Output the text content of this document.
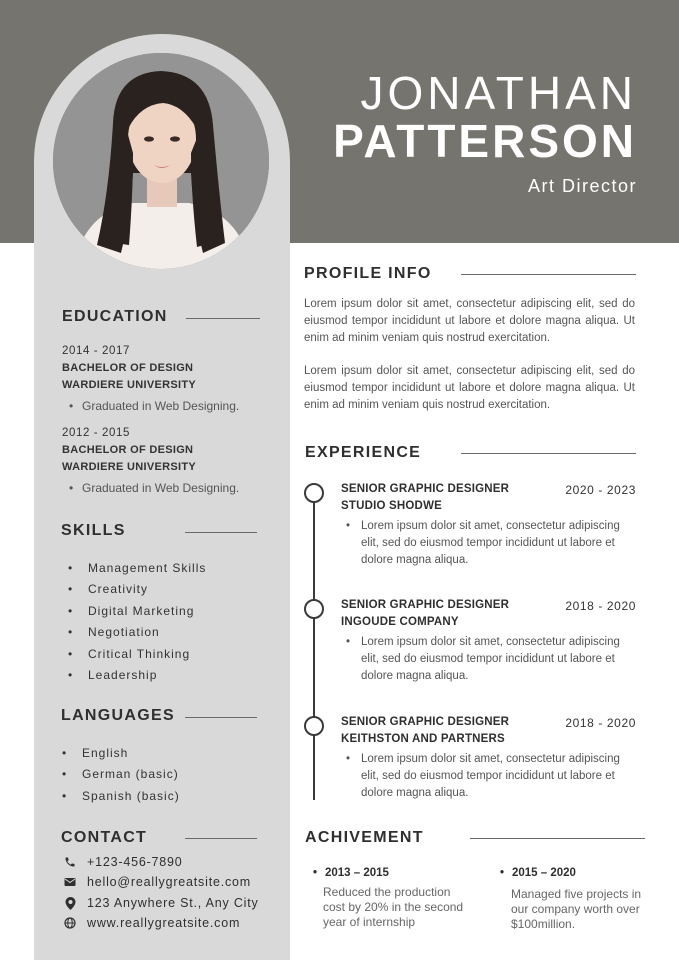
JONATHAN
PATTERSON
Art Director
EDUCATION
2014 - 2017
BACHELOR OF DESIGN
WARDIERE UNIVERSITY
• Graduated in Web Designing.
2012 - 2015
BACHELOR OF DESIGN
WARDIERE UNIVERSITY
• Graduated in Web Designing.
SKILLS
• Management Skills
• Creativity
• Digital Marketing
• Negotiation
• Critical Thinking
• Leadership
LANGUAGES
• English
• German (basic)
• Spanish (basic)
CONTACT
+123-456-7890
hello@reallygreatsite.com
123 Anywhere St., Any City
www.reallygreatsite.com
PROFILE INFO

Lorem ipsum dolor sit amet, consectetur adipiscing elit, sed do eiusmod tempor incididunt ut labore et dolore magna aliqua. Ut enim ad minim veniam quis nostrud exercitation.

Lorem ipsum dolor sit amet, consectetur adipiscing elit, sed do eiusmod tempor incididunt ut labore et dolore magna aliqua. Ut enim ad minim veniam quis nostrud exercitation.

EXPERIENCE
SENIOR GRAPHIC DESIGNER
STUDIO SHODWE
2020 - 2023
• Lorem ipsum dolor sit amet, consectetur adipiscing elit, sed do eiusmod tempor incididunt ut labore et dolore magna aliqua.
SENIOR GRAPHIC DESIGNER
INGOUDE COMPANY
2018 - 2020
• Lorem ipsum dolor sit amet, consectetur adipiscing elit, sed do eiusmod tempor incididunt ut labore et dolore magna aliqua.
SENIOR GRAPHIC DESIGNER
KEITHSTON AND PARTNERS
2018 - 2020
• Lorem ipsum dolor sit amet, consectetur adipiscing elit, sed do eiusmod tempor incididunt ut labore et dolore magna aliqua.
ACHIVEMENT
• 2013 – 2015
Reduced the production cost by 20% in the second year of internship
• 2015 – 2020
Managed five projects in our company worth over $100million.
